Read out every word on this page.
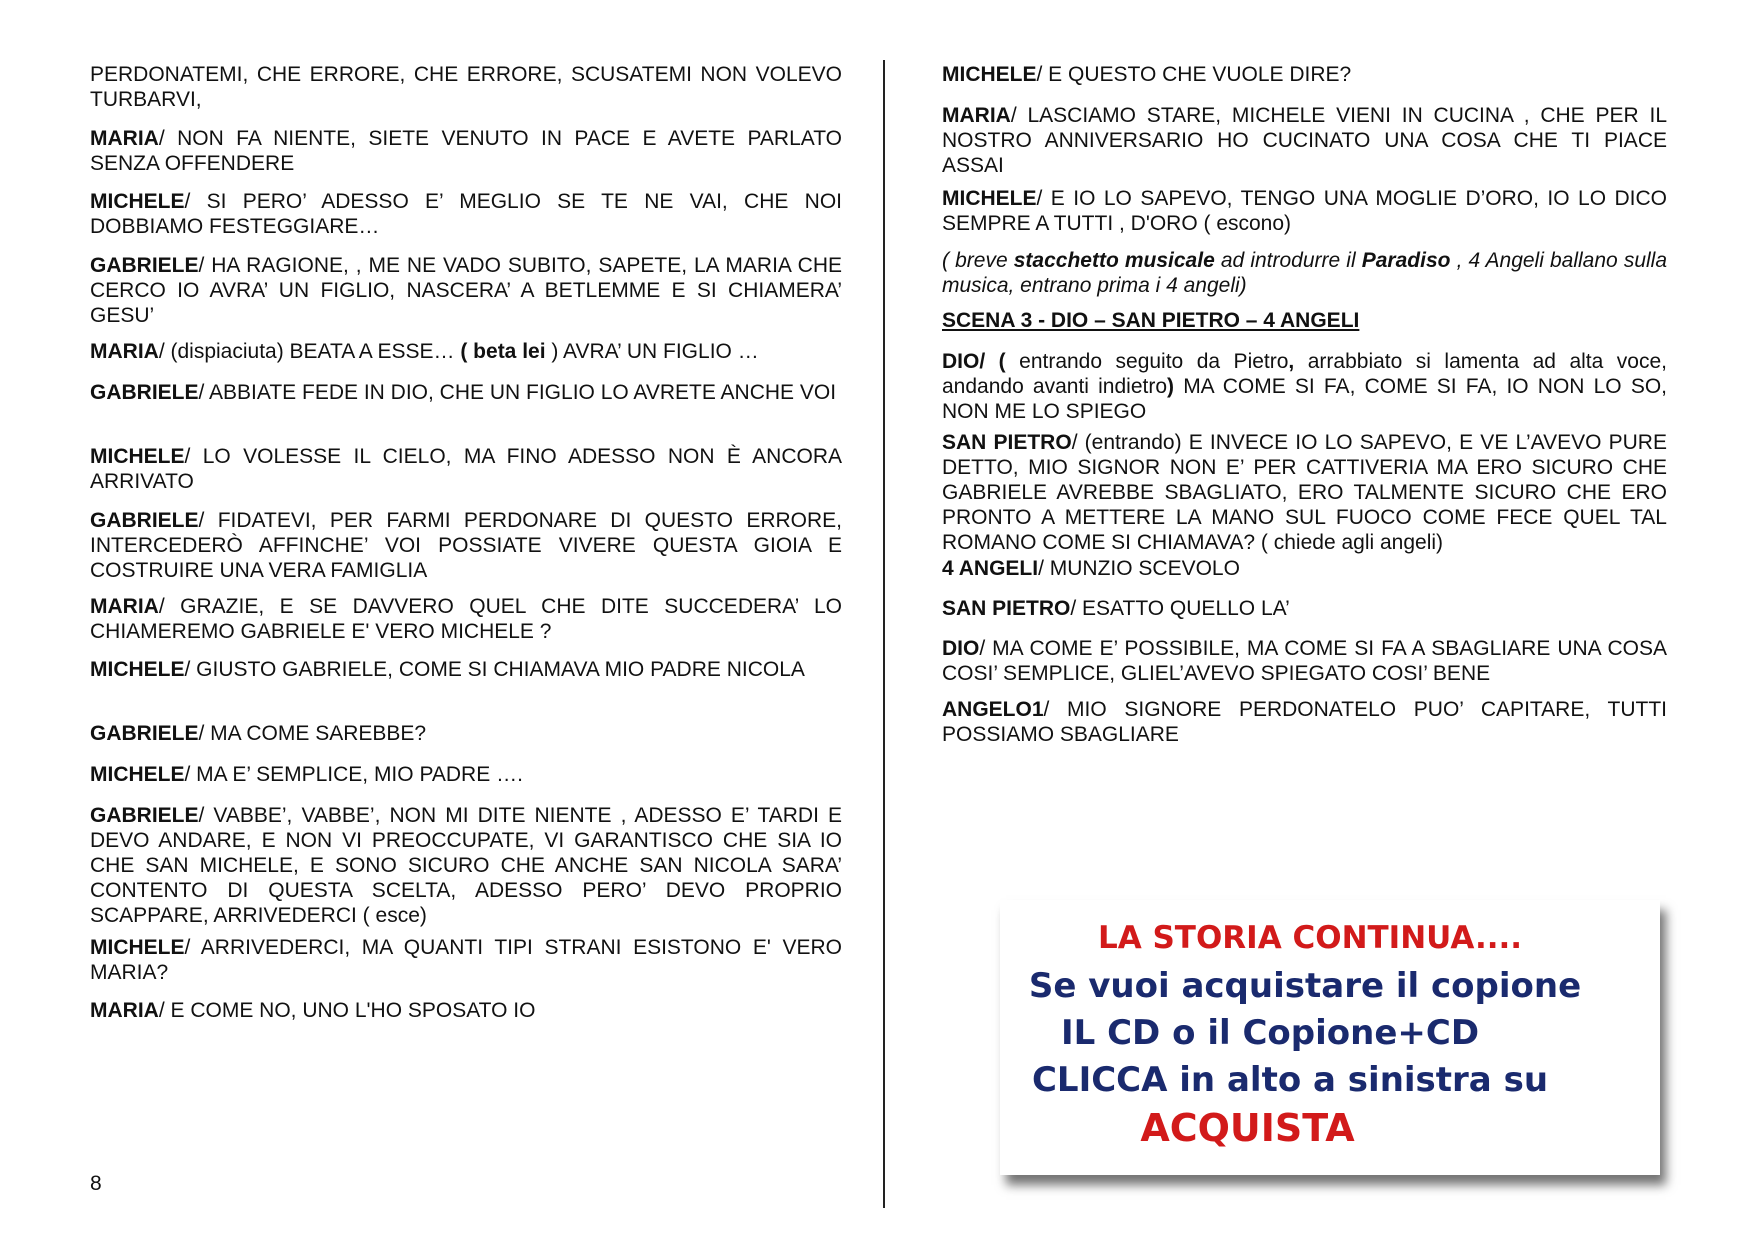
PERDONATEMI, CHE ERRORE, CHE ERRORE, SCUSATEMI NON VOLEVO TURBARVI,

MARIA/ NON FA NIENTE, SIETE VENUTO IN PACE E AVETE PARLATO SENZA OFFENDERE

MICHELE/ SI PERO’ ADESSO E’ MEGLIO SE TE NE VAI, CHE NOI DOBBIAMO FESTEGGIARE…

GABRIELE/ HA RAGIONE, , ME NE VADO SUBITO, SAPETE, LA MARIA CHE CERCO IO AVRA’ UN FIGLIO, NASCERA’ A BETLEMME E SI CHIAMERA’ GESU’

MARIA/ (dispiaciuta) BEATA A ESSE… ( beta lei ) AVRA’ UN FIGLIO …

GABRIELE/ ABBIATE FEDE IN DIO, CHE UN FIGLIO LO AVRETE ANCHE VOI

MICHELE/ LO VOLESSE IL CIELO, MA FINO ADESSO NON È ANCORA ARRIVATO

GABRIELE/ FIDATEVI, PER FARMI PERDONARE DI QUESTO ERRORE, INTERCEDERÒ AFFINCHE’ VOI POSSIATE VIVERE QUESTA GIOIA E COSTRUIRE UNA VERA FAMIGLIA

MARIA/ GRAZIE, E SE DAVVERO QUEL CHE DITE SUCCEDERA’ LO CHIAMEREMO GABRIELE E' VERO MICHELE ?

MICHELE/ GIUSTO GABRIELE, COME SI CHIAMAVA MIO PADRE NICOLA

GABRIELE/ MA COME SAREBBE?

MICHELE/ MA E’ SEMPLICE, MIO PADRE ….

GABRIELE/ VABBE’, VABBE’, NON MI DITE NIENTE , ADESSO E’ TARDI E DEVO ANDARE, E NON VI PREOCCUPATE, VI GARANTISCO CHE SIA IO CHE SAN MICHELE, E SONO SICURO CHE ANCHE SAN NICOLA SARA’ CONTENTO DI QUESTA SCELTA, ADESSO PERO’ DEVO PROPRIO SCAPPARE, ARRIVEDERCI ( esce)

MICHELE/ ARRIVEDERCI, MA QUANTI TIPI STRANI ESISTONO E' VERO MARIA?

MARIA/ E COME NO, UNO L'HO SPOSATO IO

8

MICHELE/ E QUESTO CHE VUOLE DIRE?

MARIA/ LASCIAMO STARE, MICHELE VIENI IN CUCINA , CHE PER IL NOSTRO ANNIVERSARIO HO CUCINATO UNA COSA CHE TI PIACE ASSAI

MICHELE/ E IO LO SAPEVO, TENGO UNA MOGLIE D’ORO, IO LO DICO SEMPRE A TUTTI , D'ORO ( escono)

( breve stacchetto musicale ad introdurre il Paradiso , 4 Angeli ballano sulla musica, entrano prima i 4 angeli)

SCENA 3 - DIO – SAN PIETRO – 4 ANGELI

DIO/ ( entrando seguito da Pietro, arrabbiato si lamenta ad alta voce, andando avanti indietro) MA COME SI FA, COME SI FA, IO NON LO SO, NON ME LO SPIEGO

SAN PIETRO/ (entrando) E INVECE IO LO SAPEVO, E VE L’AVEVO PURE DETTO, MIO SIGNOR NON E’ PER CATTIVERIA MA ERO SICURO CHE GABRIELE AVREBBE SBAGLIATO, ERO TALMENTE SICURO CHE ERO PRONTO A METTERE LA MANO SUL FUOCO COME FECE QUEL TAL ROMANO COME SI CHIAMAVA? ( chiede agli angeli)

4 ANGELI/ MUNZIO SCEVOLO

SAN PIETRO/ ESATTO QUELLO LA’

DIO/ MA COME E’ POSSIBILE, MA COME SI FA A SBAGLIARE UNA COSA COSI’ SEMPLICE, GLIEL’AVEVO SPIEGATO COSI’ BENE

ANGELO1/ MIO SIGNORE PERDONATELO PUO’ CAPITARE, TUTTI POSSIAMO SBAGLIARE

LA STORIA CONTINUA....
Se vuoi acquistare il copione
IL CD o il Copione+CD
CLICCA in alto a sinistra su
ACQUISTA
